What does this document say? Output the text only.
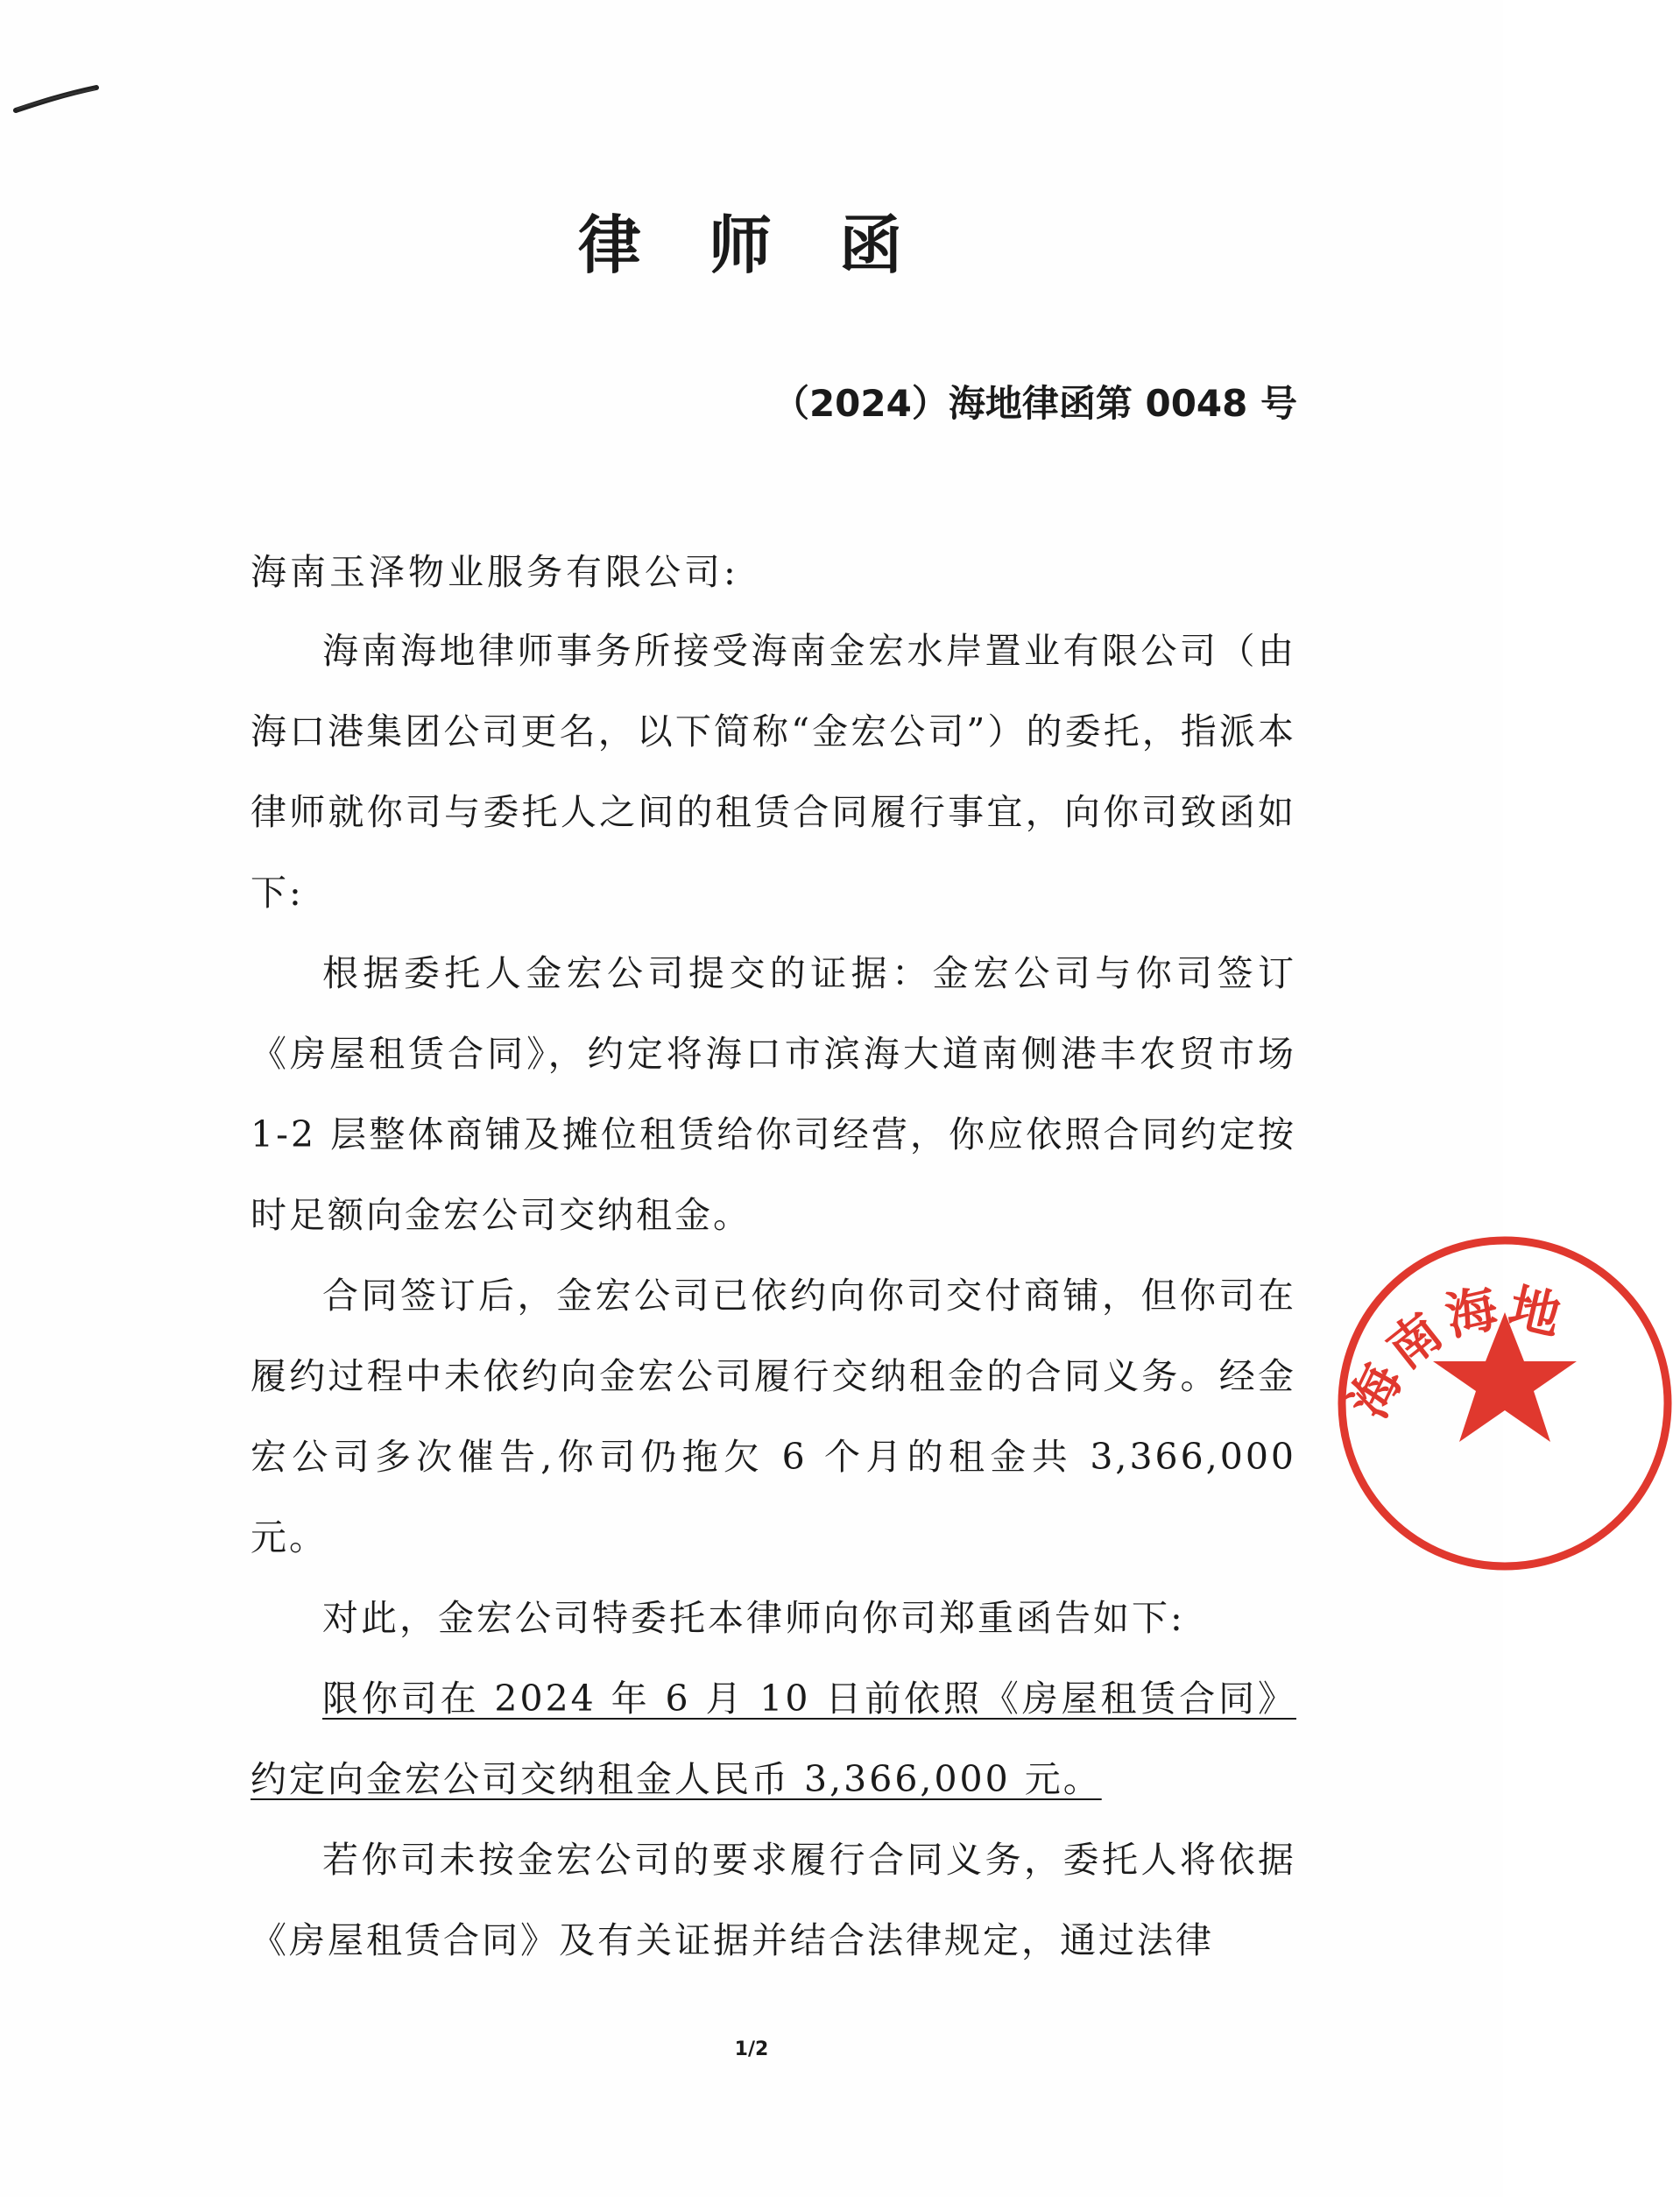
律 师 函

（2024）海地律函第 0048 号

海南玉泽物业服务有限公司:

海南海地律师事务所接受海南金宏水岸置业有限公司（由海口港集团公司更名，以下简称“金宏公司”）的委托，指派本律师就你司与委托人之间的租赁合同履行事宜，向你司致函如下:

根据委托人金宏公司提交的证据：金宏公司与你司签订《房屋租赁合同》，约定将海口市滨海大道南侧港丰农贸市场 1-2 层整体商铺及摊位租赁给你司经营，你应依照合同约定按时足额向金宏公司交纳租金。

合同签订后，金宏公司已依约向你司交付商铺，但你司在履约过程中未依约向金宏公司履行交纳租金的合同义务。经金宏公司多次催告,你司仍拖欠 6 个月的租金共 3,366,000 元。

对此，金宏公司特委托本律师向你司郑重函告如下:

限你司在 2024 年 6 月 10 日前依照《房屋租赁合同》约定向金宏公司交纳租金人民币 3,366,000 元。

若你司未按金宏公司的要求履行合同义务，委托人将依据《房屋租赁合同》及有关证据并结合法律规定，通过法律

海南海地

1/2
